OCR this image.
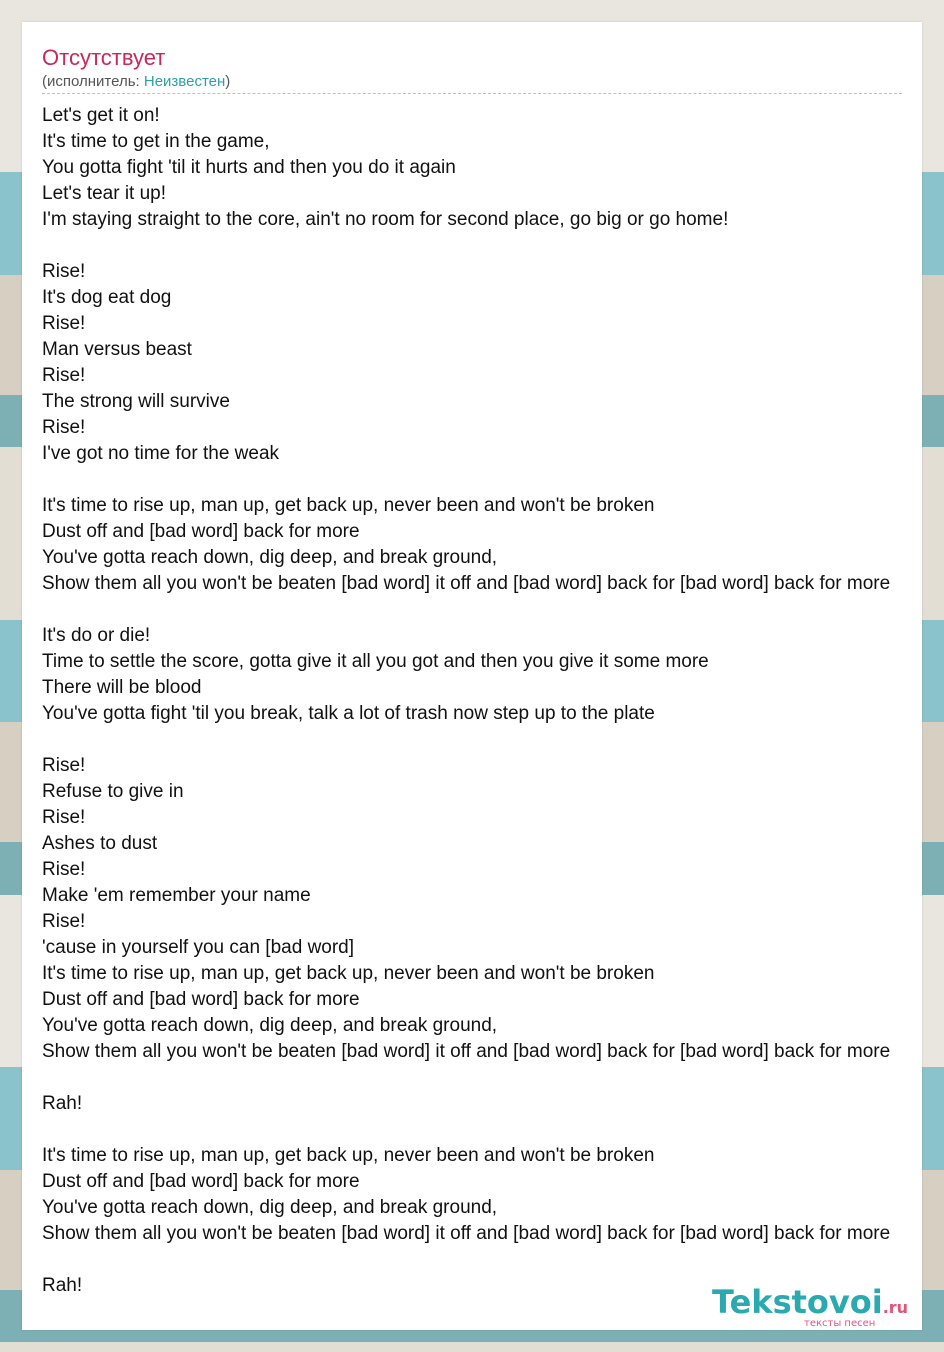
Отсутствует
(исполнитель: Неизвестен)
Let's get it on!
It's time to get in the game,
You gotta fight 'til it hurts and then you do it again
Let's tear it up!
I'm staying straight to the core, ain't no room for second place, go big or go home!
Rise!
It's dog eat dog
Rise!
Man versus beast
Rise!
The strong will survive
Rise!
I've got no time for the weak
It's time to rise up, man up, get back up, never been and won't be broken
Dust off and [bad word] back for more
You've gotta reach down, dig deep, and break ground,
Show them all you won't be beaten [bad word] it off and [bad word] back for [bad word] back for more
It's do or die!
Time to settle the score, gotta give it all you got and then you give it some more
There will be blood
You've gotta fight 'til you break, talk a lot of trash now step up to the plate
Rise!
Refuse to give in
Rise!
Ashes to dust
Rise!
Make 'em remember your name
Rise!
'cause in yourself you can [bad word]
It's time to rise up, man up, get back up, never been and won't be broken
Dust off and [bad word] back for more
You've gotta reach down, dig deep, and break ground,
Show them all you won't be beaten [bad word] it off and [bad word] back for [bad word] back for more
Rah!
It's time to rise up, man up, get back up, never been and won't be broken
Dust off and [bad word] back for more
You've gotta reach down, dig deep, and break ground,
Show them all you won't be beaten [bad word] it off and [bad word] back for [bad word] back for more
Rah!	Tekstovoi.ru
тексты песен
